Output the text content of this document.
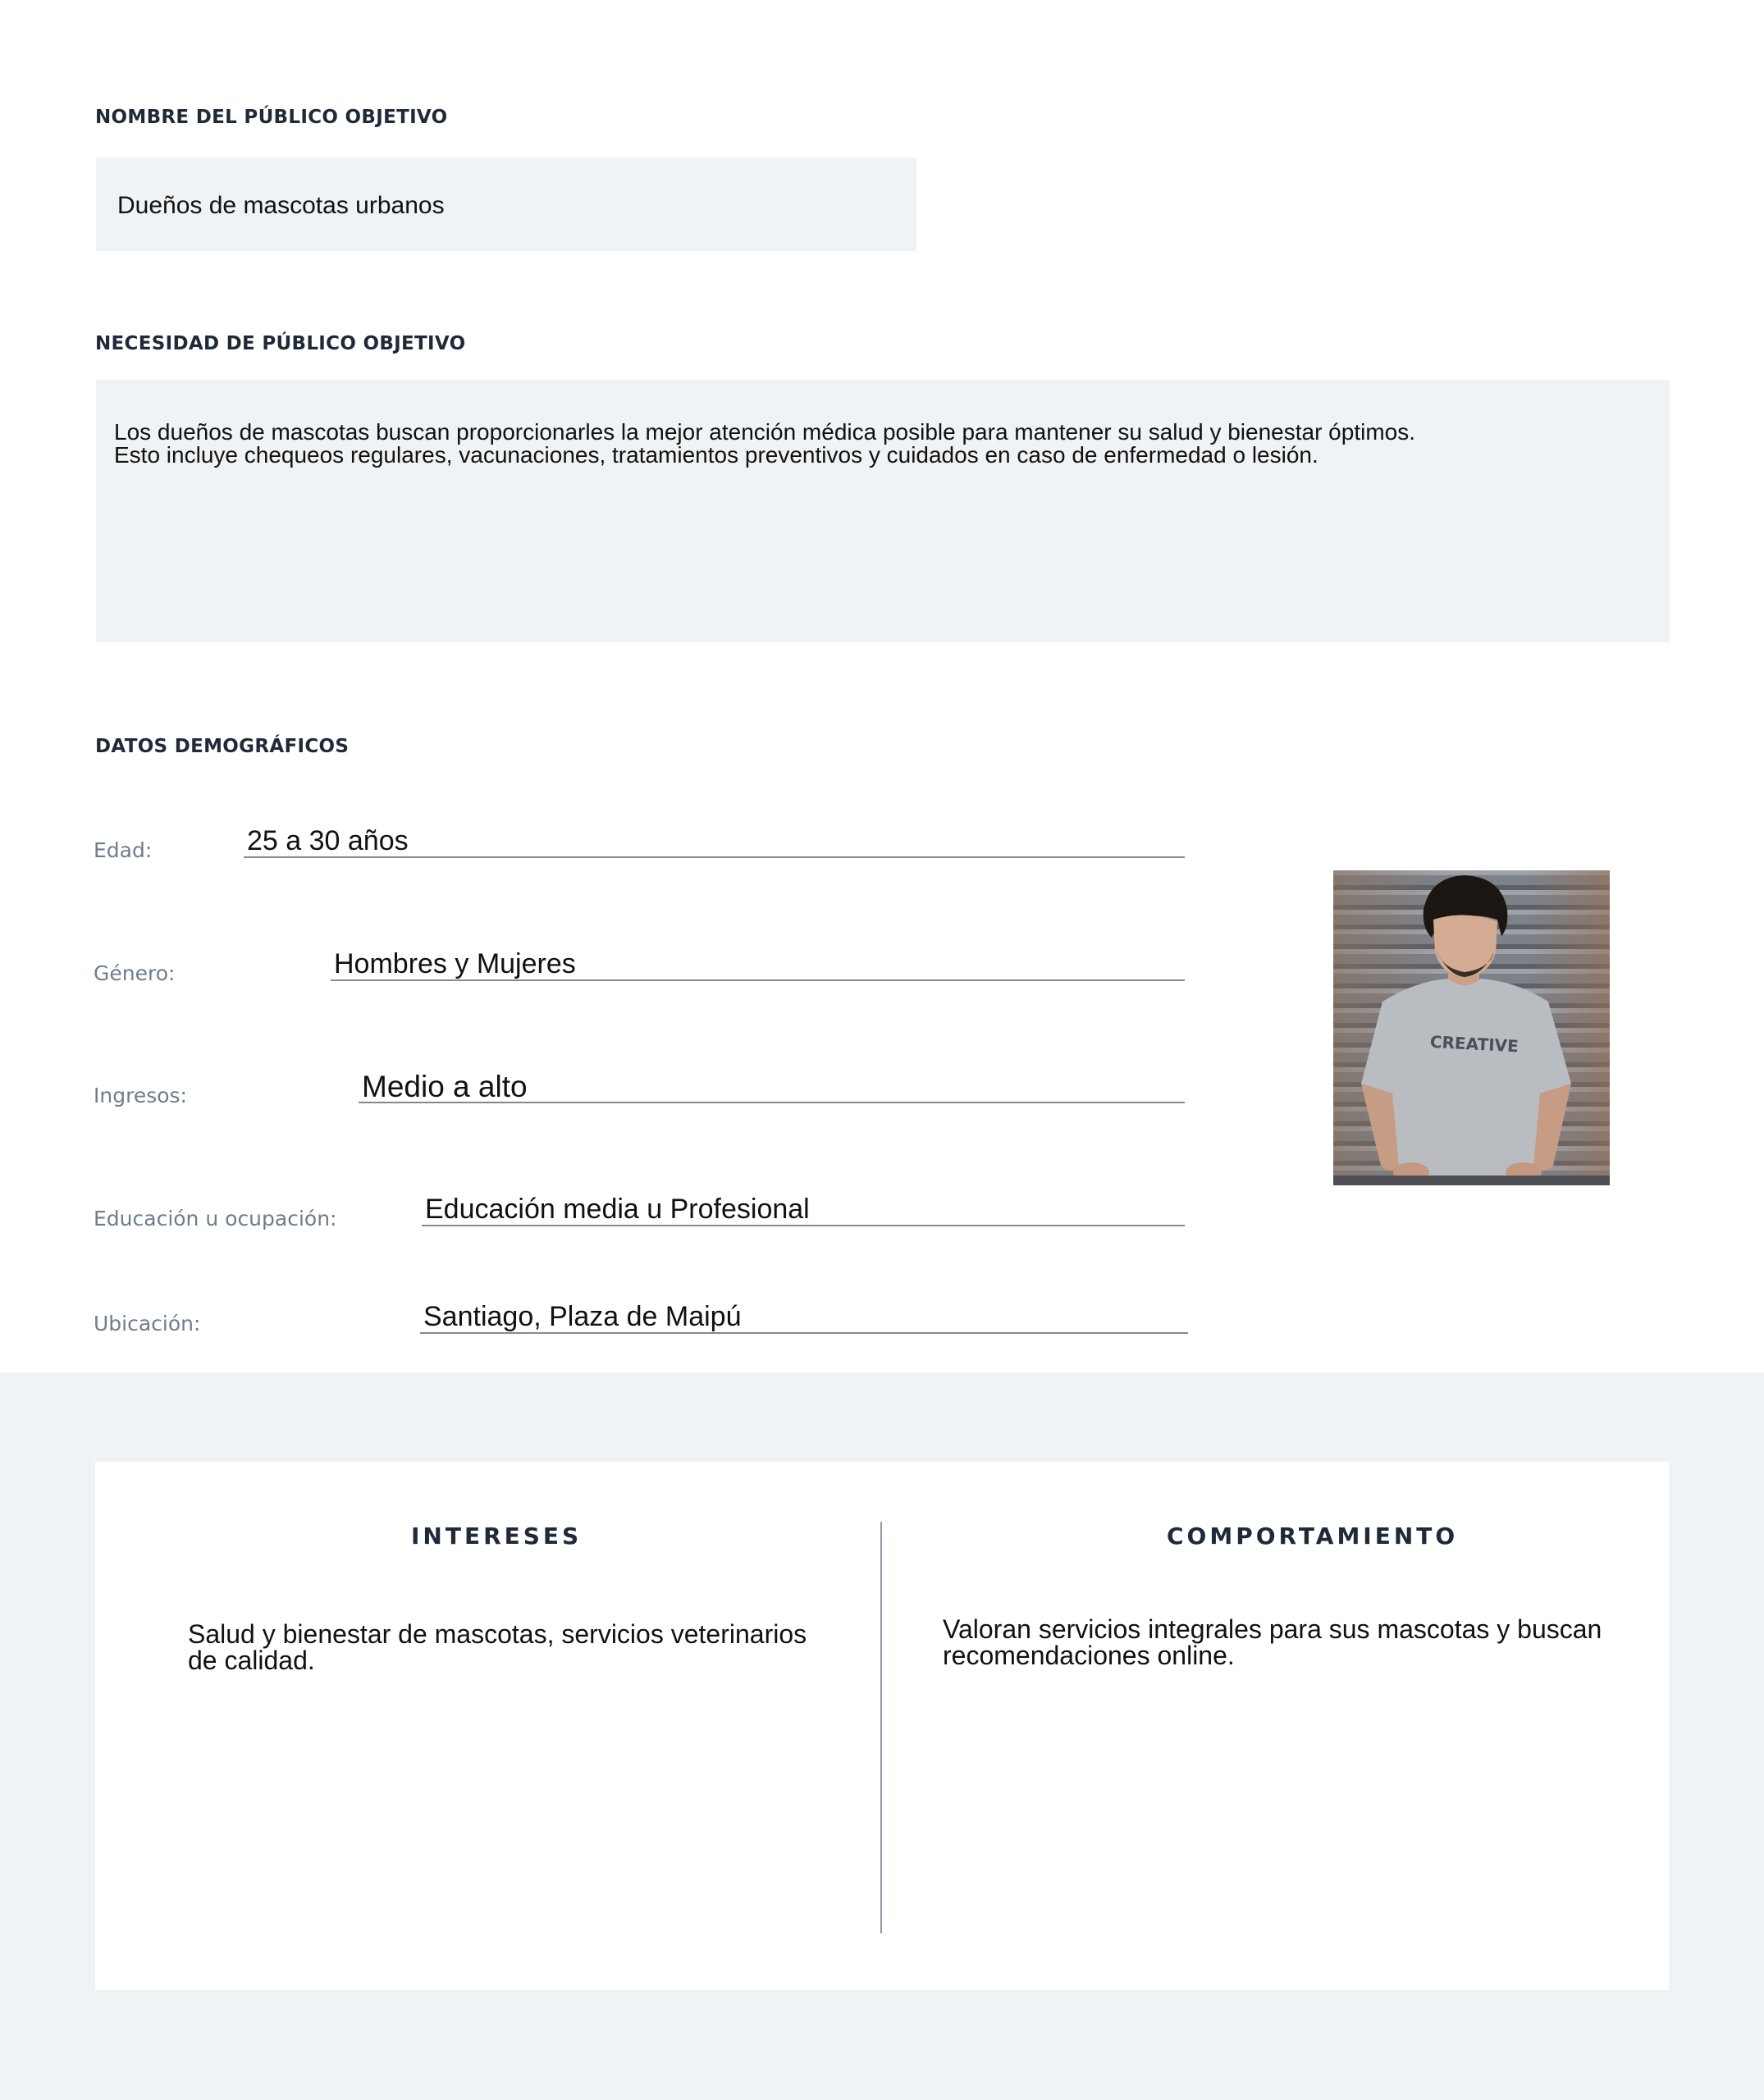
NOMBRE DEL PÚBLICO OBJETIVO
Dueños de mascotas urbanos
NECESIDAD DE PÚBLICO OBJETIVO
Los dueños de mascotas buscan proporcionarles la mejor atención médica posible para mantener su salud y bienestar óptimos.
Esto incluye chequeos regulares, vacunaciones, tratamientos preventivos y cuidados en caso de enfermedad o lesión.
DATOS DEMOGRÁFICOS
Edad:	25 a 30 años
Género:	Hombres y Mujeres
Ingresos:	Medio a alto
Educación u ocupación:	Educación media u Profesional
Ubicación:	Santiago, Plaza de Maipú
CREATIVE
INTERESES
Salud y bienestar de mascotas, servicios veterinarios
de calidad.
COMPORTAMIENTO
Valoran servicios integrales para sus mascotas y buscan
recomendaciones online.
